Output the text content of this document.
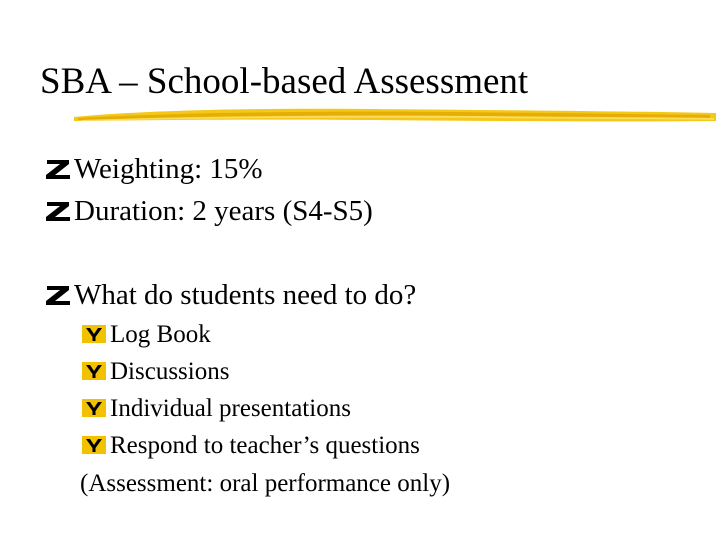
SBA – School-based Assessment
Weighting: 15%
Duration: 2 years (S4-S5)
What do students need to do?
Log Book
Discussions
Individual presentations
Respond to teacher’s questions
(Assessment: oral performance only)
